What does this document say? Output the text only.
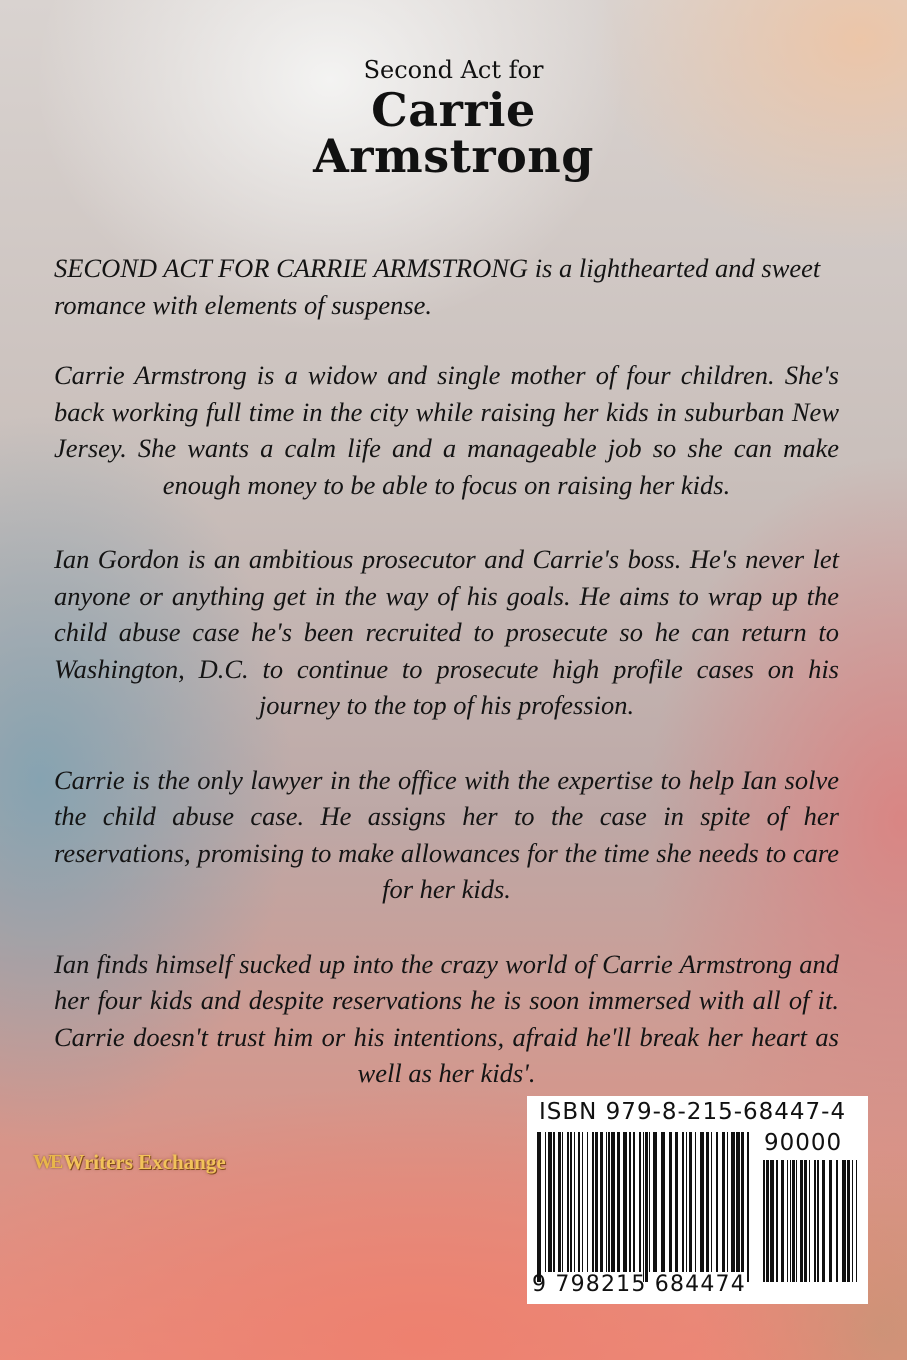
Second Act for
Carrie
Armstrong

SECOND ACT FOR CARRIE ARMSTRONG is a lighthearted and sweet romance with elements of suspense.

Carrie Armstrong is a widow and single mother of four children. She's back working full time in the city while raising her kids in suburban New Jersey. She wants a calm life and a manageable job so she can make enough money to be able to focus on raising her kids.

Ian Gordon is an ambitious prosecutor and Carrie's boss. He's never let anyone or anything get in the way of his goals. He aims to wrap up the child abuse case he's been recruited to prosecute so he can return to Washington, D.C. to continue to prosecute high profile cases on his journey to the top of his profession.

Carrie is the only lawyer in the office with the expertise to help Ian solve the child abuse case. He assigns her to the case in spite of her reservations, promising to make allowances for the time she needs to care for her kids.

Ian finds himself sucked up into the crazy world of Carrie Armstrong and her four kids and despite reservations he is soon immersed with all of it. Carrie doesn't trust him or his intentions, afraid he'll break her heart as well as her kids'.

WE Writers Exchange
ISBN 979-8-215-68447-4
90000
9 798215 684474
